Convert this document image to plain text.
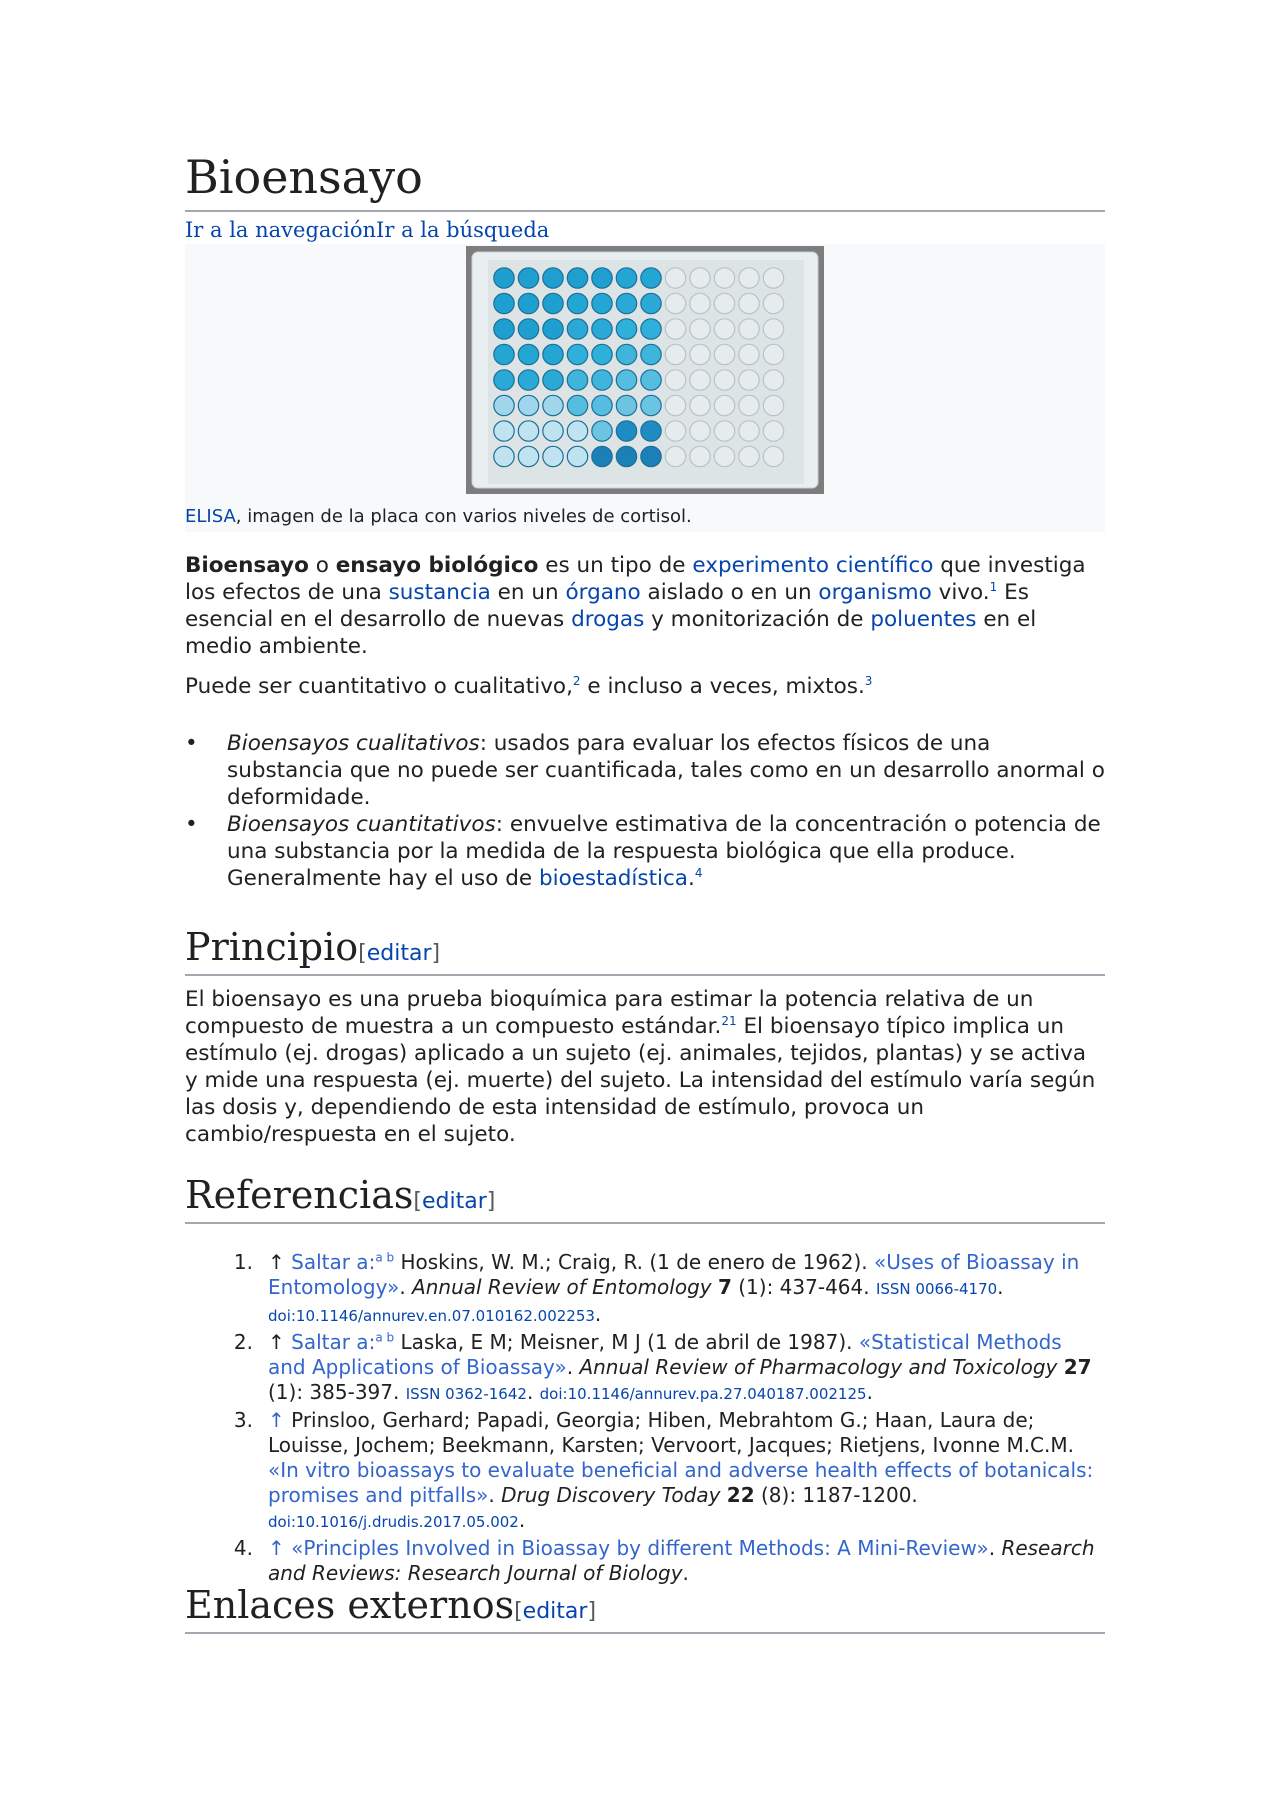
Bioensayo
Ir a la navegaciónIr a la búsqueda
ELISA, imagen de la placa con varios niveles de cortisol.
Bioensayo o ensayo biológico es un tipo de experimento científico que investiga los efectos de una sustancia en un órgano aislado o en un organismo vivo.$^1$ Es esencial en el desarrollo de nuevas drogas y monitorización de poluentes en el medio ambiente.
Puede ser cuantitativo o cualitativo,$^2$ e incluso a veces, mixtos.$^3$
• Bioensayos cualitativos: usados para evaluar los efectos físicos de una substancia que no puede ser cuantificada, tales como en un desarrollo anormal o deformidade.
• Bioensayos cuantitativos: envuelve estimativa de la concentración o potencia de una substancia por la medida de la respuesta biológica que ella produce. Generalmente hay el uso de bioestadística.$^4$
Principio[editar]
El bioensayo es una prueba bioquímica para estimar la potencia relativa de un compuesto de muestra a un compuesto estándar.$^{21}$ El bioensayo típico implica un estímulo (ej. drogas) aplicado a un sujeto (ej. animales, tejidos, plantas) y se activa y mide una respuesta (ej. muerte) del sujeto. La intensidad del estímulo varía según las dosis y, dependiendo de esta intensidad de estímulo, provoca un cambio/respuesta en el sujeto.
Referencias[editar]
1. ↑ Saltar a:$^{a b}$ Hoskins, W. M.; Craig, R. (1 de enero de 1962). «Uses of Bioassay in Entomology». Annual Review of Entomology 7 (1): 437-464. ISSN 0066-4170. doi:10.1146/annurev.en.07.010162.002253.
2. ↑ Saltar a:$^{a b}$ Laska, E M; Meisner, M J (1 de abril de 1987). «Statistical Methods and Applications of Bioassay». Annual Review of Pharmacology and Toxicology 27 (1): 385-397. ISSN 0362-1642. doi:10.1146/annurev.pa.27.040187.002125.
3. ↑ Prinsloo, Gerhard; Papadi, Georgia; Hiben, Mebrahtom G.; Haan, Laura de; Louisse, Jochem; Beekmann, Karsten; Vervoort, Jacques; Rietjens, Ivonne M.C.M. «In vitro bioassays to evaluate beneficial and adverse health effects of botanicals: promises and pitfalls». Drug Discovery Today 22 (8): 1187-1200. doi:10.1016/j.drudis.2017.05.002.
4. ↑ «Principles Involved in Bioassay by different Methods: A Mini-Review». Research and Reviews: Research Journal of Biology.
Enlaces externos[editar]
